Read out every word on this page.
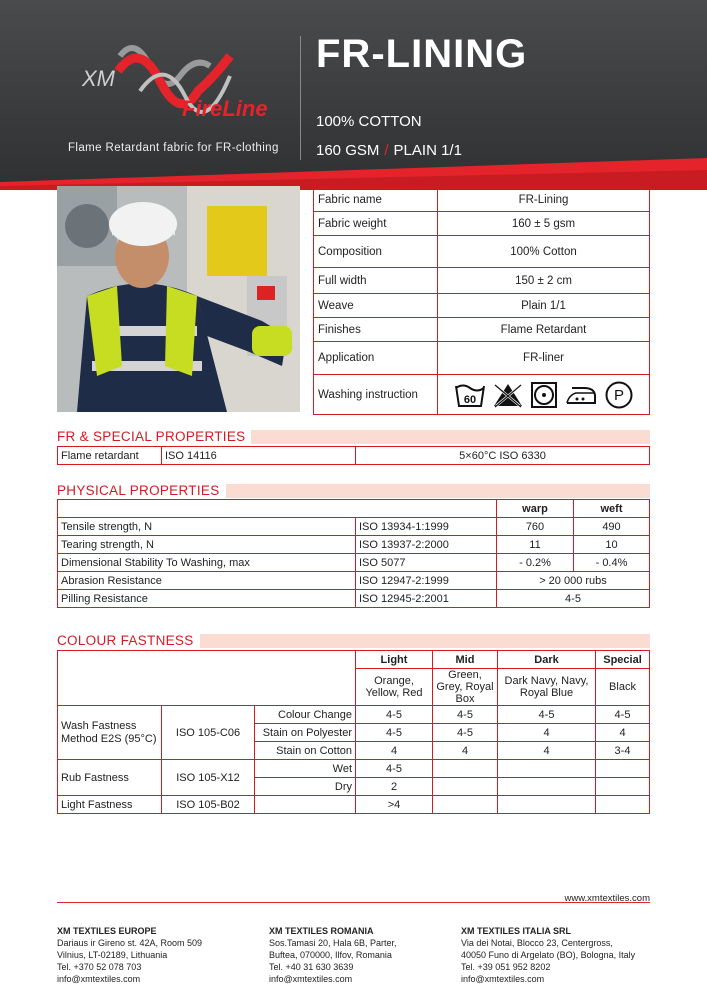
XM
FireLine
Flame Retardant fabric for FR-clothing
FR-LINING
100% COTTON
160 GSM / PLAIN 1/1
Fabric name	FR-Lining
Fabric weight	160 ± 5 gsm
Composition	100% Cotton
Full width	150 ± 2 cm
Weave	Plain 1/1
Finishes	Flame Retardant
Application	FR-liner
Washing instruction	60 P
FR & SPECIAL PROPERTIES
Flame retardant	ISO 14116	5×60°C ISO 6330
PHYSICAL PROPERTIES
		warp	weft
Tensile strength, N	ISO 13934-1:1999	760	490
Tearing strength, N	ISO 13937-2:2000	11	10
Dimensional Stability To Washing, max	ISO 5077	- 0.2%	- 0.4%
Abrasion Resistance	ISO 12947-2:1999	> 20 000 rubs	
Pilling Resistance	ISO 12945-2:2001	4-5	
COLOUR FASTNESS
			Light	Mid	Dark	Special
			Orange, Yellow, Red	Green, Grey, Royal Box	Dark Navy, Navy, Royal Blue	Black
Wash Fastness Method E2S (95°C)	ISO 105-C06	Colour Change	4-5	4-5	4-5	4-5
		Stain on Polyester	4-5	4-5	4	4
		Stain on Cotton	4	4	4	3-4
Rub Fastness	ISO 105-X12	Wet	4-5			
		Dry	2			
Light Fastness	ISO 105-B02		>4			
www.xmtextiles.com
XM TEXTILES EUROPE
Dariaus ir Gireno st. 42A, Room 509
Vilnius, LT-02189, Lithuania
Tel. +370 52 078 703
info@xmtextiles.com
XM TEXTILES ROMANIA
Sos.Tamasi 20, Hala 6B, Parter,
Buftea, 070000, Ilfov, Romania
Tel. +40 31 630 3639
info@xmtextiles.com
XM TEXTILES ITALIA SRL
Via dei Notai, Blocco 23, Centergross,
40050 Funo di Argelato (BO), Bologna, Italy
Tel. +39 051 952 8202
info@xmtextiles.com
